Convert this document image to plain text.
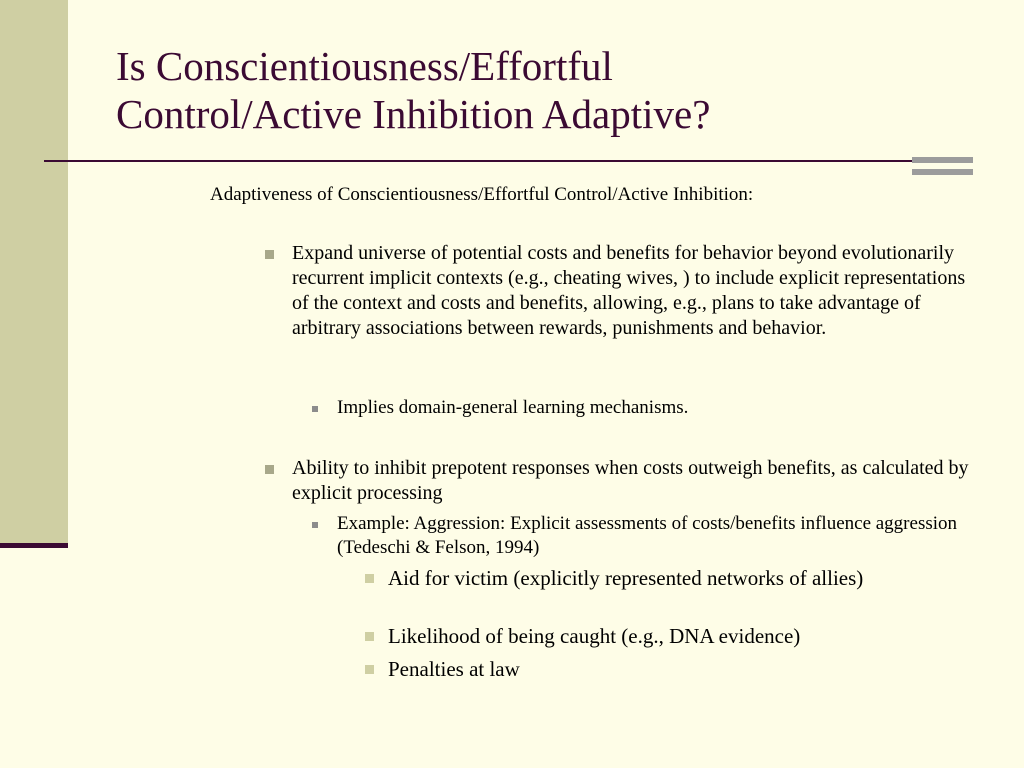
Is Conscientiousness/Effortful
Control/Active Inhibition Adaptive?
Adaptiveness of Conscientiousness/Effortful Control/Active Inhibition:
Expand universe of potential costs and benefits for behavior beyond evolutionarily recurrent implicit contexts (e.g., cheating wives, ) to include explicit representations of the context and costs and benefits, allowing, e.g., plans to take advantage of arbitrary associations between rewards, punishments and behavior.
Implies domain-general learning mechanisms.
Ability to inhibit prepotent responses when costs outweigh benefits, as calculated by explicit processing
Example: Aggression: Explicit assessments of costs/benefits influence aggression (Tedeschi & Felson, 1994)
Aid for victim (explicitly represented networks of allies)
Likelihood of being caught (e.g., DNA evidence)
Penalties at law
